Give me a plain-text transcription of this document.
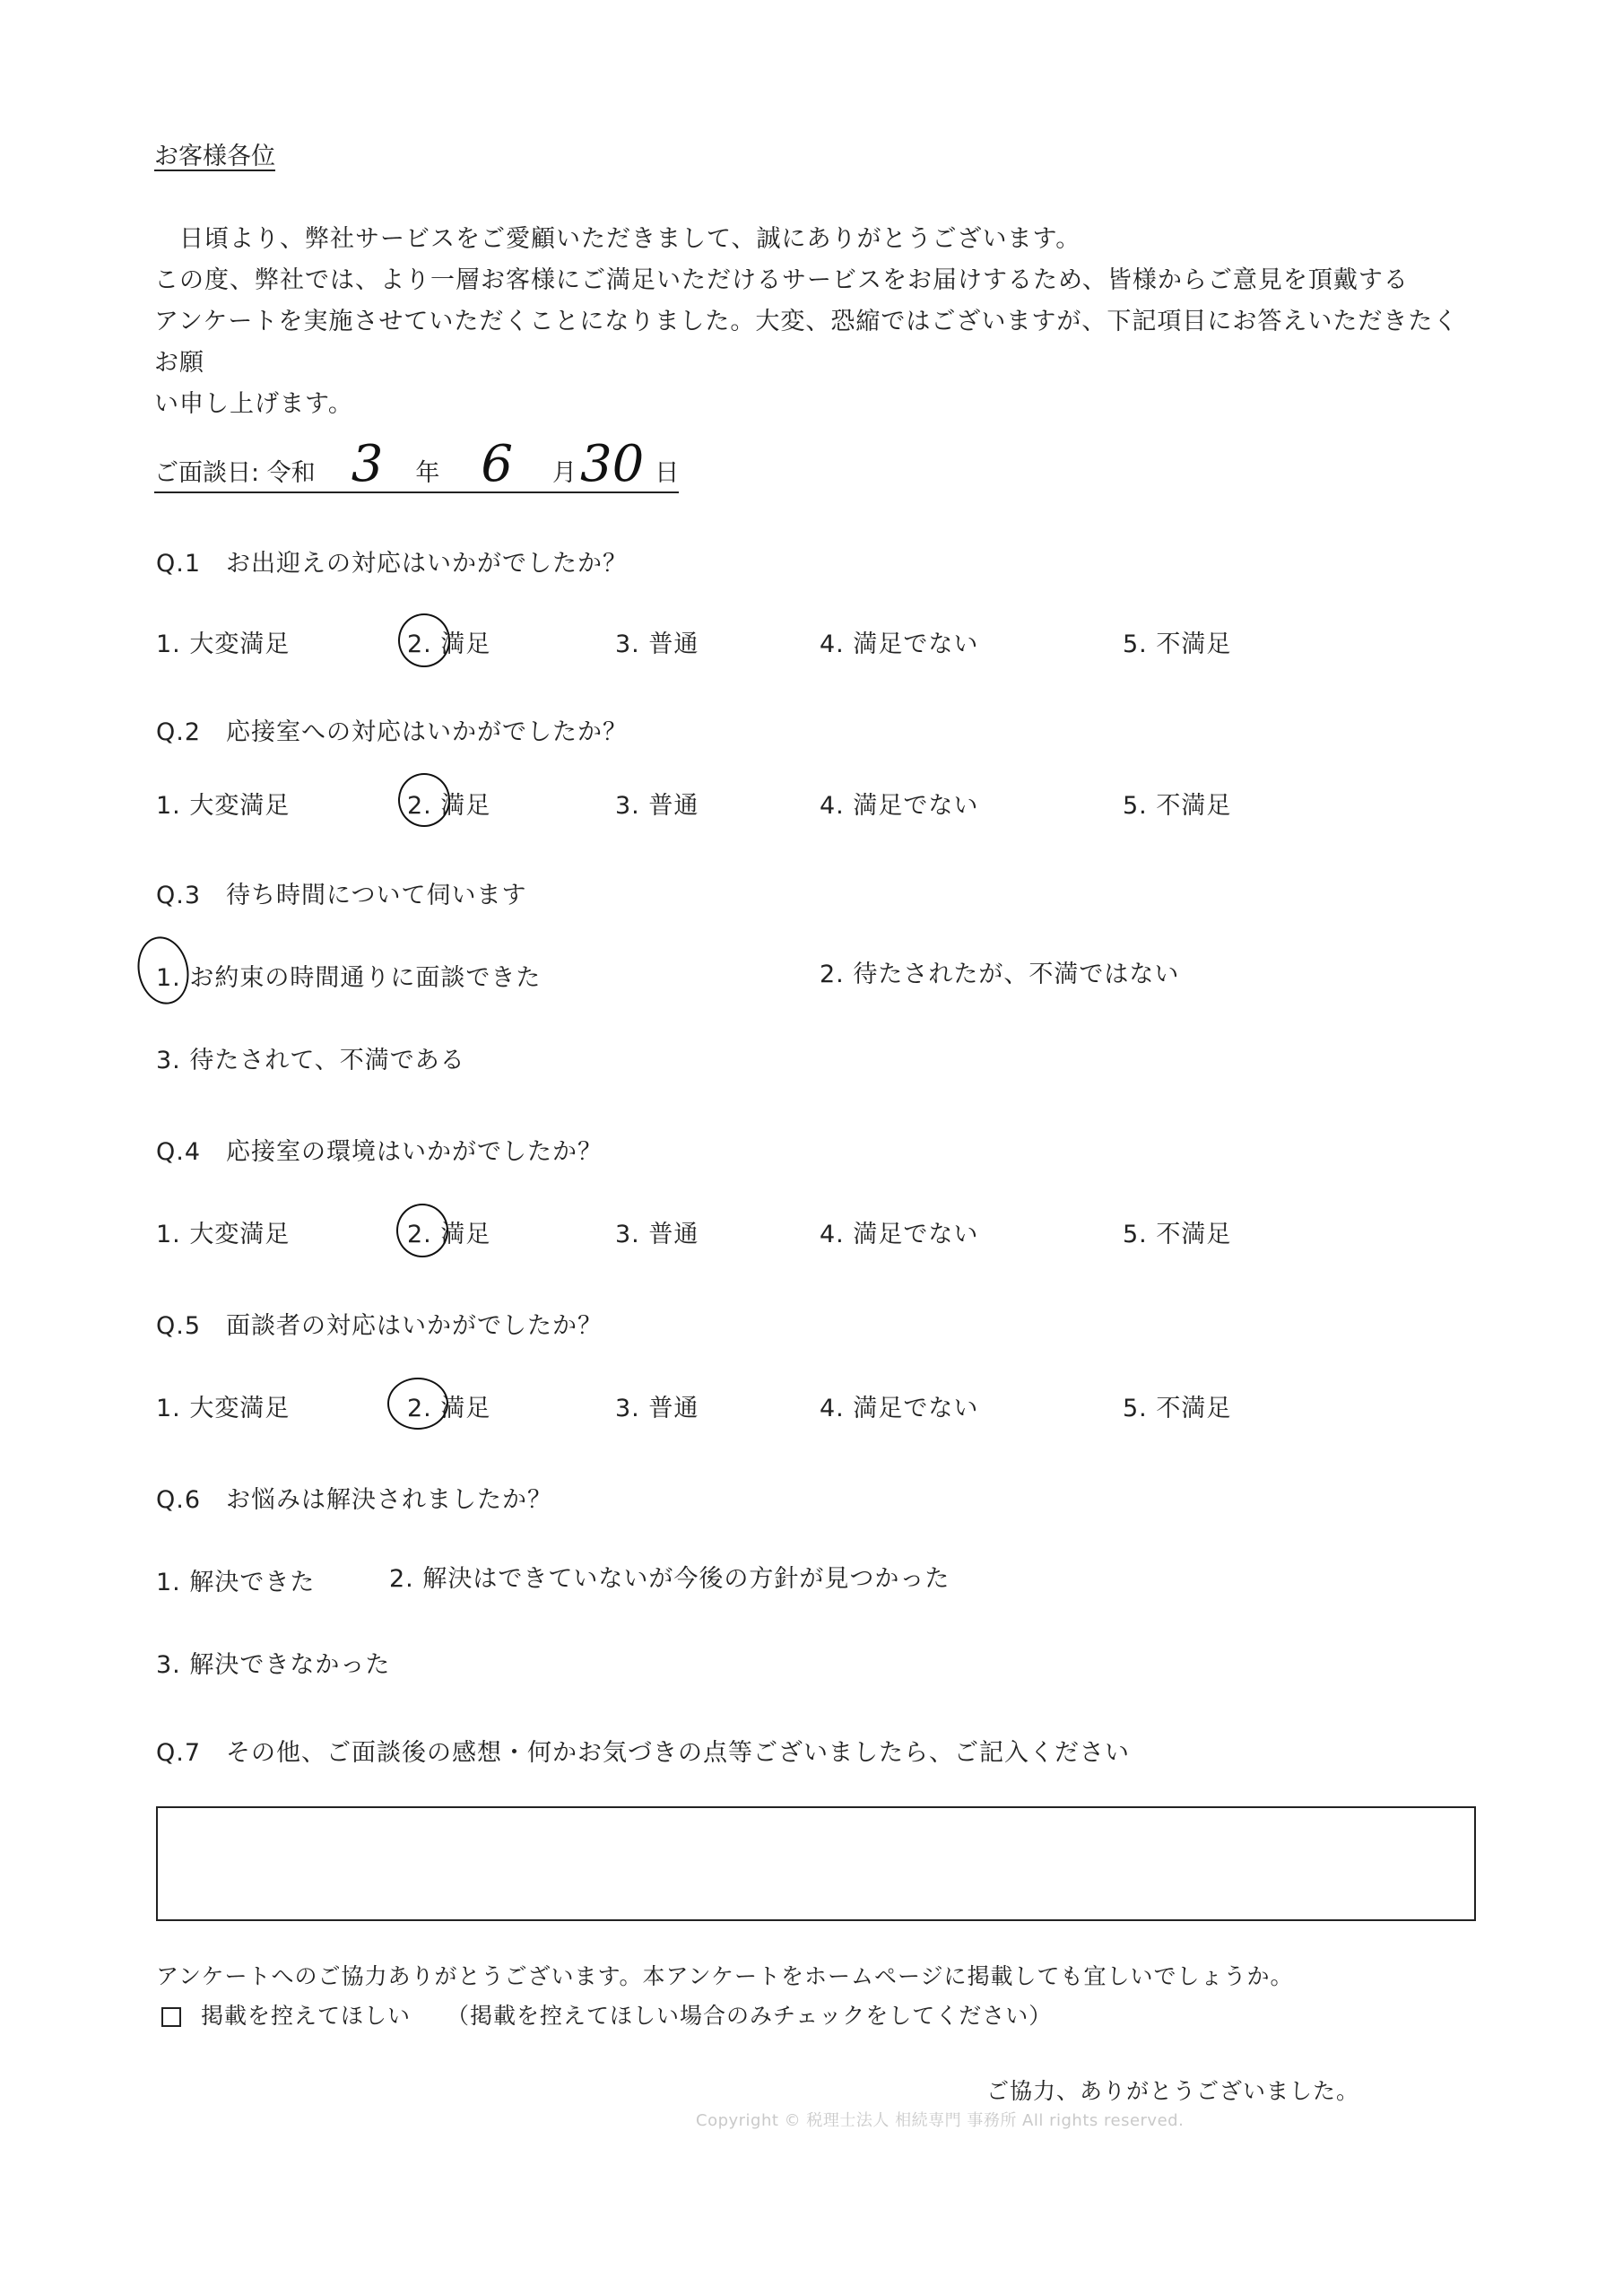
お客様各位

日頃より、弊社サービスをご愛顧いただきまして、誠にありがとうございます。

この度、弊社では、より一層お客様にご満足いただけるサービスをお届けするため、皆様からご意見を頂戴する

アンケートを実施させていただくことになりました。大変、恐縮ではございますが、下記項目にお答えいただきたくお願

い申し上げます。

ご面談日: 令和 3 年 6 月 30 日
Q.1　お出迎えの対応はいかがでしたか？
1. 大変満足	2. 満足	3. 普通	4. 満足でない	5. 不満足
Q.2　応接室への対応はいかがでしたか？
1. 大変満足	2. 満足	3. 普通	4. 満足でない	5. 不満足
Q.3　待ち時間について伺います
1. お約束の時間通りに面談できた	2. 待たされたが、不満ではない
3. 待たされて、不満である
Q.4　応接室の環境はいかがでしたか？
1. 大変満足	2. 満足	3. 普通	4. 満足でない	5. 不満足
Q.5　面談者の対応はいかがでしたか？
1. 大変満足	2. 満足	3. 普通	4. 満足でない	5. 不満足
Q.6　お悩みは解決されましたか？
1. 解決できた	2. 解決はできていないが今後の方針が見つかった
3. 解決できなかった
Q.7　その他、ご面談後の感想・何かお気づきの点等ございましたら、ご記入ください
アンケートへのご協力ありがとうございます。本アンケートをホームページに掲載しても宜しいでしょうか。
掲載を控えてほしい （掲載を控えてほしい場合のみチェックをしてください）
ご協力、ありがとうございました。
Copyright © 税理士法人 相続専門 事務所 All rights reserved.
